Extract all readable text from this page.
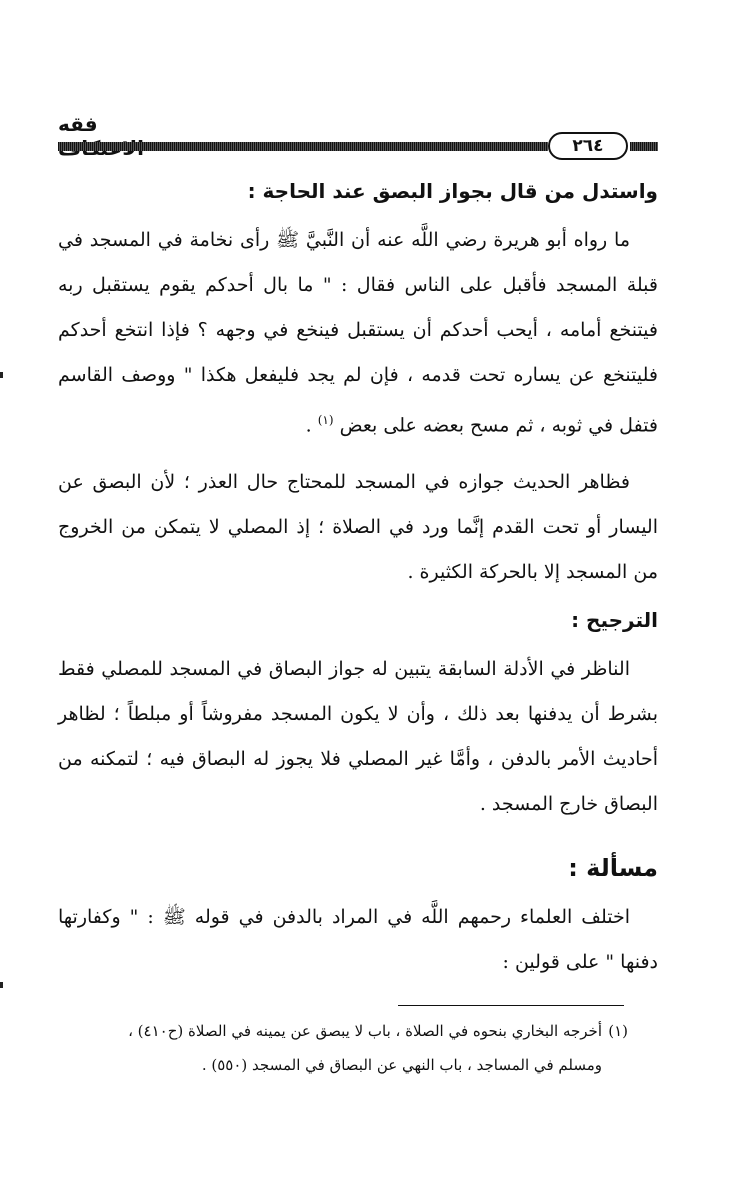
فقه
٢٦٤
واستدل من قال بجواز البصق عند الحاجة :

ما رواه أبو هريرة رضي اللَّه عنه أن النَّبيَّ ﷺ رأى نخامة في المسجد في قبلة المسجد فأقبل على الناس فقال : " ما بال أحدكم يقوم يستقبل ربه فيتنخع أمامه ، أيحب أحدكم أن يستقبل فينخع في وجهه ؟ فإذا انتخع أحدكم فليتنخع عن يساره تحت قدمه ، فإن لم يجد فليفعل هكذا " ووصف القاسم فتفل في ثوبه ، ثم مسح بعضه على بعض $^{(١)}$ .

فظاهر الحديث جوازه في المسجد للمحتاج حال العذر ؛ لأن البصق عن اليسار أو تحت القدم إنَّما ورد في الصلاة ؛ إذ المصلي لا يتمكن من الخروج من المسجد إلا بالحركة الكثيرة .

الترجيح :

الناظر في الأدلة السابقة يتبين له جواز البصاق في المسجد للمصلي فقط بشرط أن يدفنها بعد ذلك ، وأن لا يكون المسجد مفروشاً أو مبلطاً ؛ لظاهر أحاديث الأمر بالدفن ، وأمَّا غير المصلي فلا يجوز له البصاق فيه ؛ لتمكنه من البصاق خارج المسجد .

مسألة :

اختلف العلماء رحمهم اللَّه في المراد بالدفن في قوله ﷺ : " وكفارتها دفنها " على قولين :

(١)أخرجه البخاري بنحوه في الصلاة ، باب لا يبصق عن يمينه في الصلاة (ح٤١٠) ،

ومسلم في المساجد ، باب النهي عن البصاق في المسجد (٥٥٠) .
